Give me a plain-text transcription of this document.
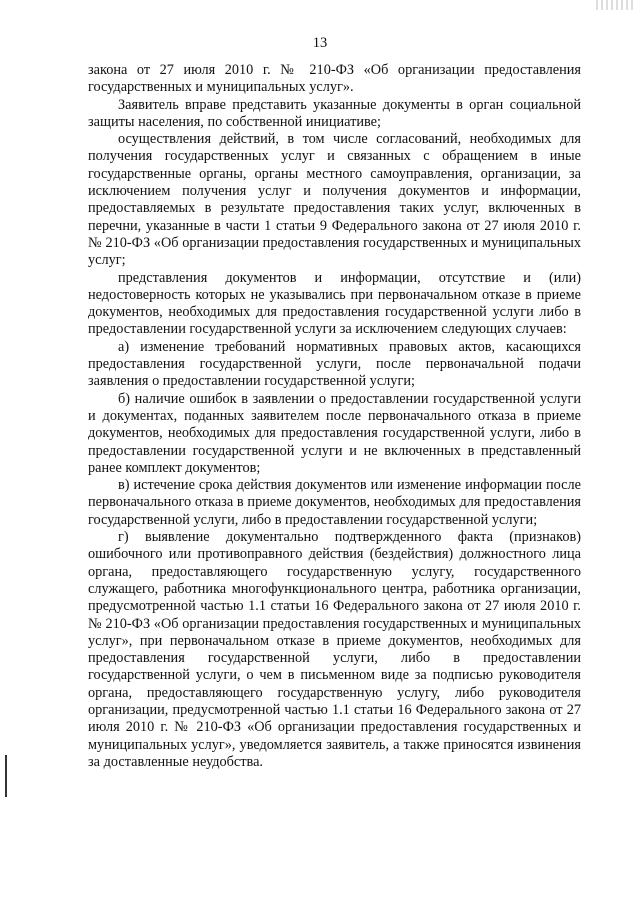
13

закона от 27 июля 2010 г. № 210-ФЗ «Об организации предоставления государственных и муниципальных услуг».

Заявитель вправе представить указанные документы в орган социальной защиты населения, по собственной инициативе;

осуществления действий, в том числе согласований, необходимых для получения государственных услуг и связанных с обращением в иные государственные органы, органы местного самоуправления, организации, за исключением получения услуг и получения документов и информации, предоставляемых в результате предоставления таких услуг, включенных в перечни, указанные в части 1 статьи 9 Федерального закона от 27 июля 2010 г. № 210-ФЗ «Об организации предоставления государственных и муниципальных услуг;

представления документов и информации, отсутствие и (или) недостоверность которых не указывались при первоначальном отказе в приеме документов, необходимых для предоставления государственной услуги либо в предоставлении государственной услуги за исключением следующих случаев:

а) изменение требований нормативных правовых актов, касающихся предоставления государственной услуги, после первоначальной подачи заявления о предоставлении государственной услуги;

б) наличие ошибок в заявлении о предоставлении государственной услуги и документах, поданных заявителем после первоначального отказа в приеме документов, необходимых для предоставления государственной услуги, либо в предоставлении государственной услуги и не включенных в представленный ранее комплект документов;

в) истечение срока действия документов или изменение информации после первоначального отказа в приеме документов, необходимых для предоставления государственной услуги, либо в предоставлении государственной услуги;

г) выявление документально подтвержденного факта (признаков) ошибочного или противоправного действия (бездействия) должностного лица органа, предоставляющего государственную услугу, государственного служащего, работника многофункционального центра, работника организации, предусмотренной частью 1.1 статьи 16 Федерального закона от 27 июля 2010 г. № 210-ФЗ «Об организации предоставления государственных и муниципальных услуг», при первоначальном отказе в приеме документов, необходимых для предоставления государственной услуги, либо в предоставлении государственной услуги, о чем в письменном виде за подписью руководителя органа, предоставляющего государственную услугу, либо руководителя организации, предусмотренной частью 1.1 статьи 16 Федерального закона от 27 июля 2010 г. № 210-ФЗ «Об организации предоставления государственных и муниципальных услуг», уведомляется заявитель, а также приносятся извинения за доставленные неудобства.
